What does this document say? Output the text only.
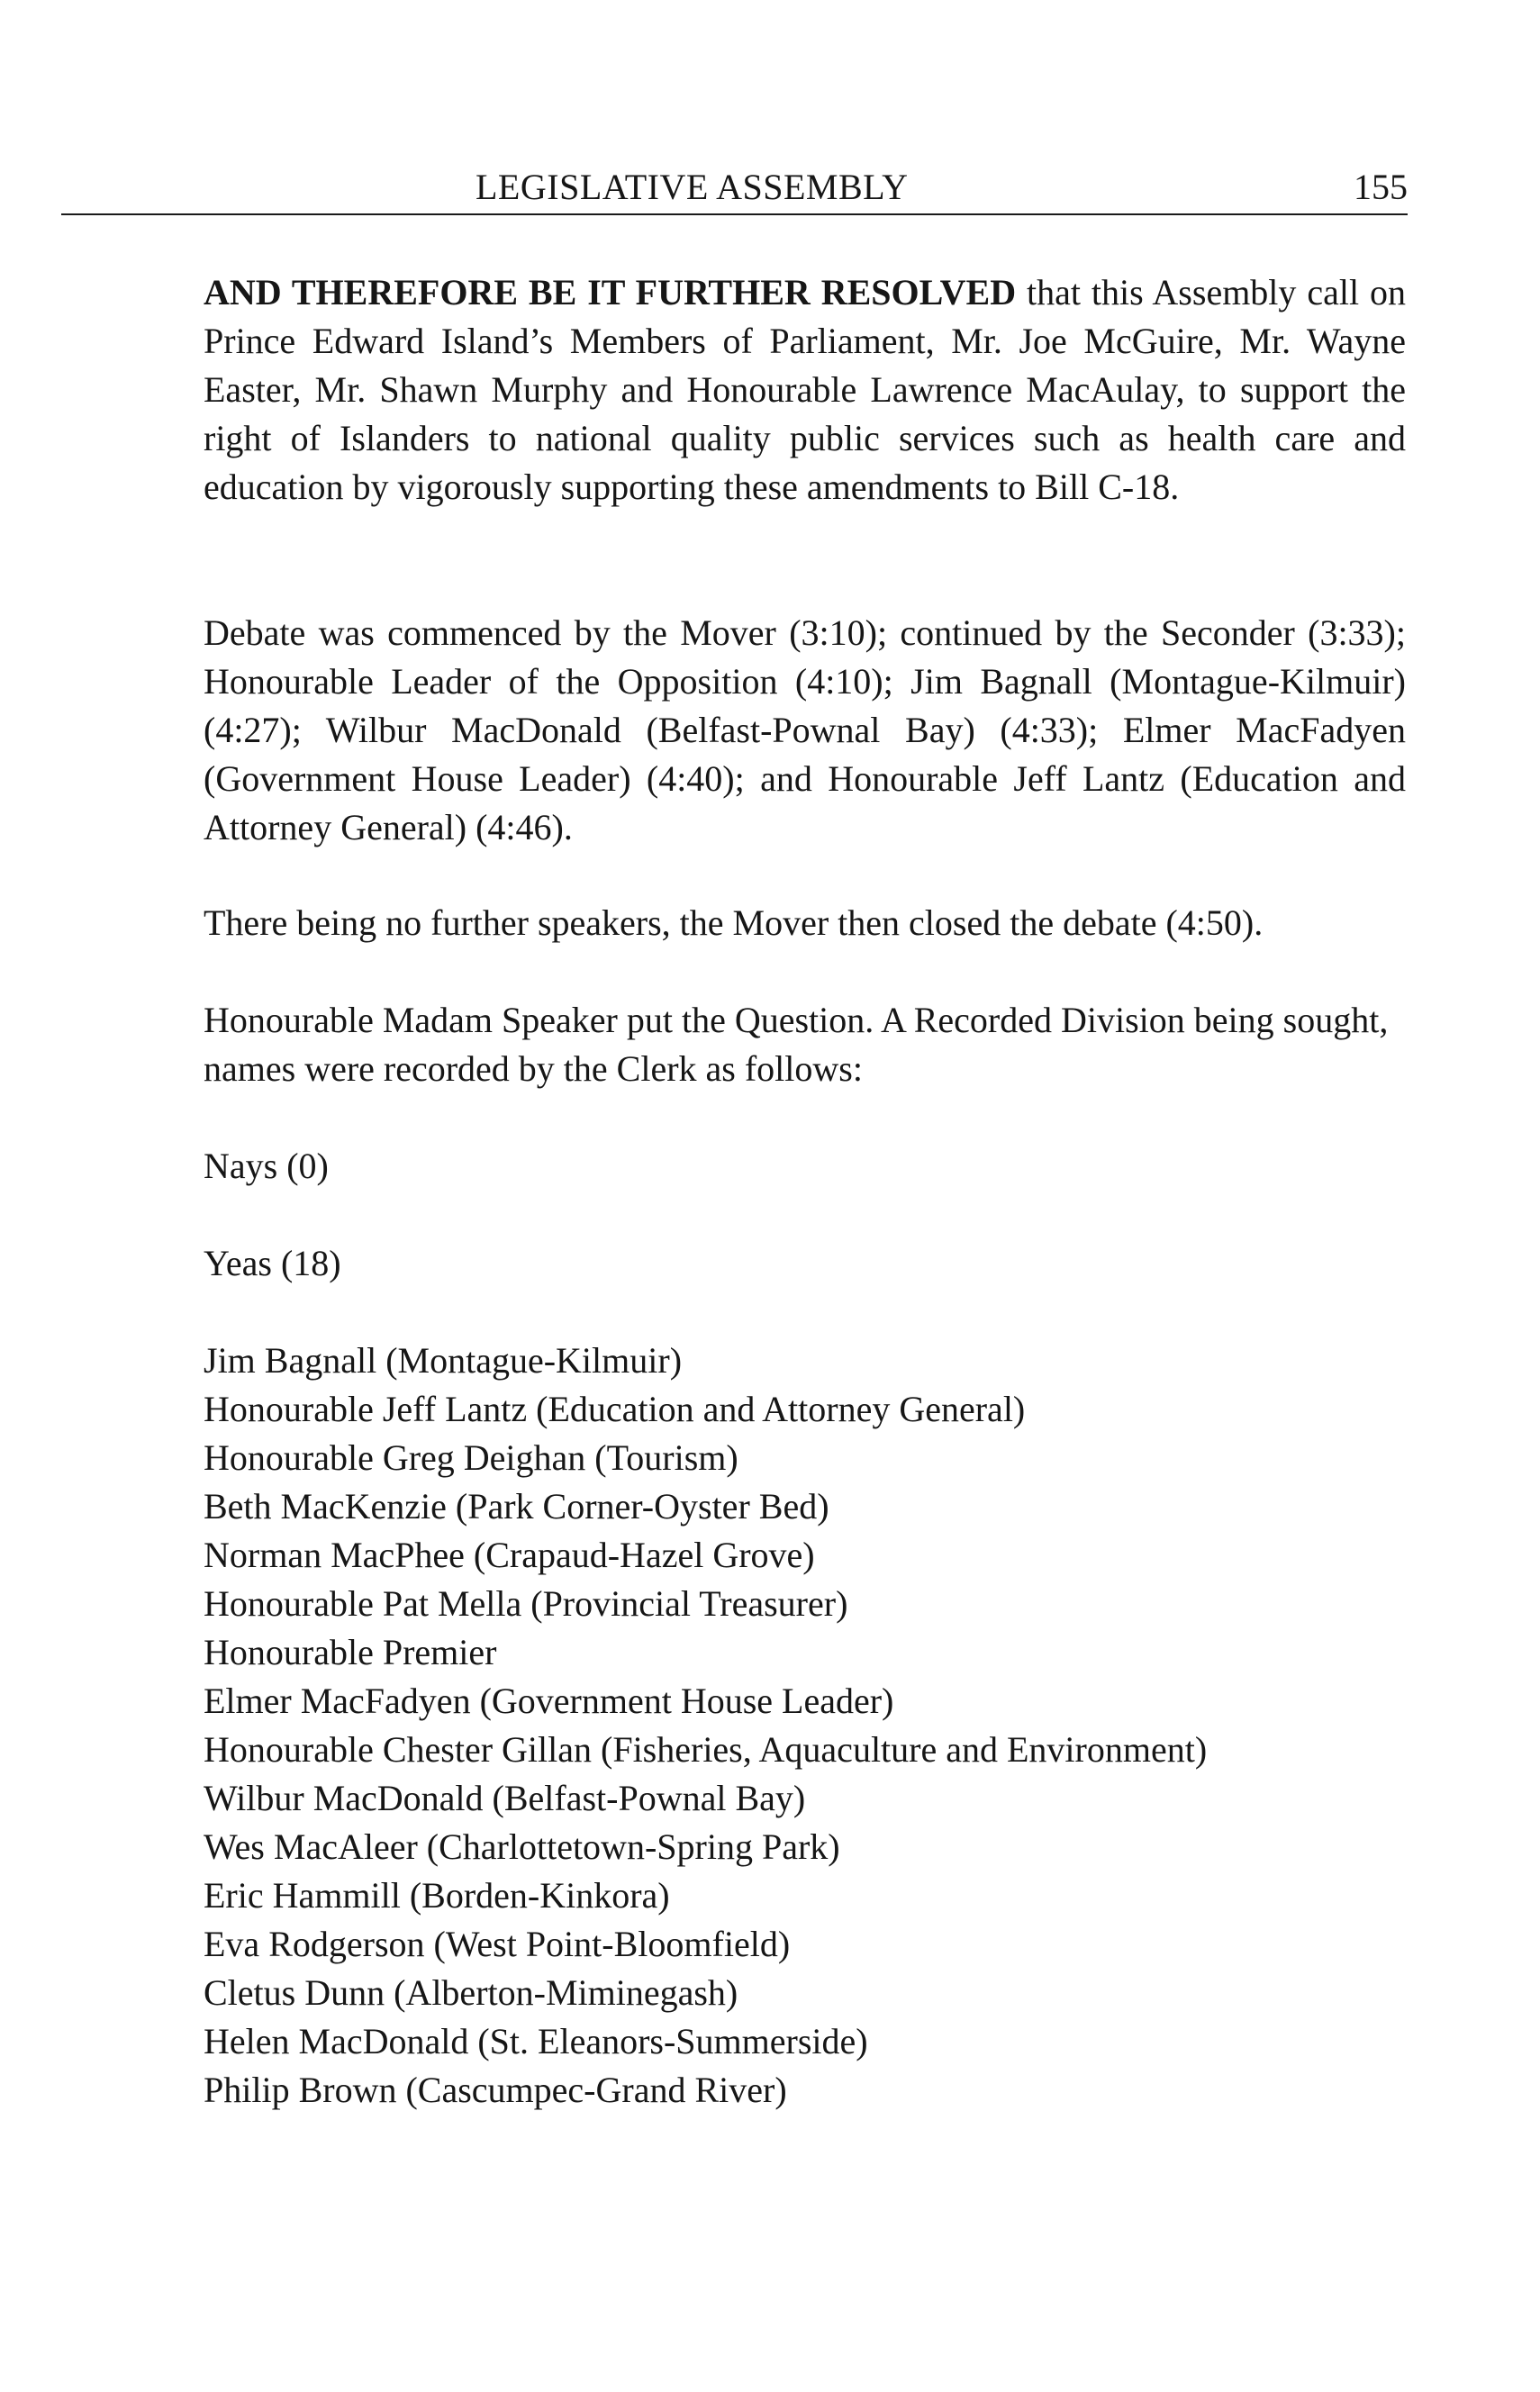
LEGISLATIVE ASSEMBLY	155

AND THEREFORE BE IT FURTHER RESOLVED that this Assembly call on Prince Edward Island’s Members of Parliament, Mr. Joe McGuire, Mr. Wayne Easter, Mr. Shawn Murphy and Honourable Lawrence MacAulay, to support the right of Islanders to national quality public services such as health care and education by vigorously supporting these amendments to Bill C-18.

Debate was commenced by the Mover (3:10); continued by the Seconder (3:33); Honourable Leader of the Opposition (4:10); Jim Bagnall (Montague-Kilmuir) (4:27); Wilbur MacDonald (Belfast-Pownal Bay) (4:33); Elmer MacFadyen (Government House Leader) (4:40); and Honourable Jeff Lantz (Education and Attorney General) (4:46).

There being no further speakers, the Mover then closed the debate (4:50).

Honourable Madam Speaker put the Question. A Recorded Division being sought, names were recorded by the Clerk as follows:

Nays (0)

Yeas (18)

Jim Bagnall (Montague-Kilmuir)
Honourable Jeff Lantz (Education and Attorney General)
Honourable Greg Deighan (Tourism)
Beth MacKenzie (Park Corner-Oyster Bed)
Norman MacPhee (Crapaud-Hazel Grove)
Honourable Pat Mella (Provincial Treasurer)
Honourable Premier
Elmer MacFadyen (Government House Leader)
Honourable Chester Gillan (Fisheries, Aquaculture and Environment)
Wilbur MacDonald (Belfast-Pownal Bay)
Wes MacAleer (Charlottetown-Spring Park)
Eric Hammill (Borden-Kinkora)
Eva Rodgerson (West Point-Bloomfield)
Cletus Dunn (Alberton-Miminegash)
Helen MacDonald (St. Eleanors-Summerside)
Philip Brown (Cascumpec-Grand River)
